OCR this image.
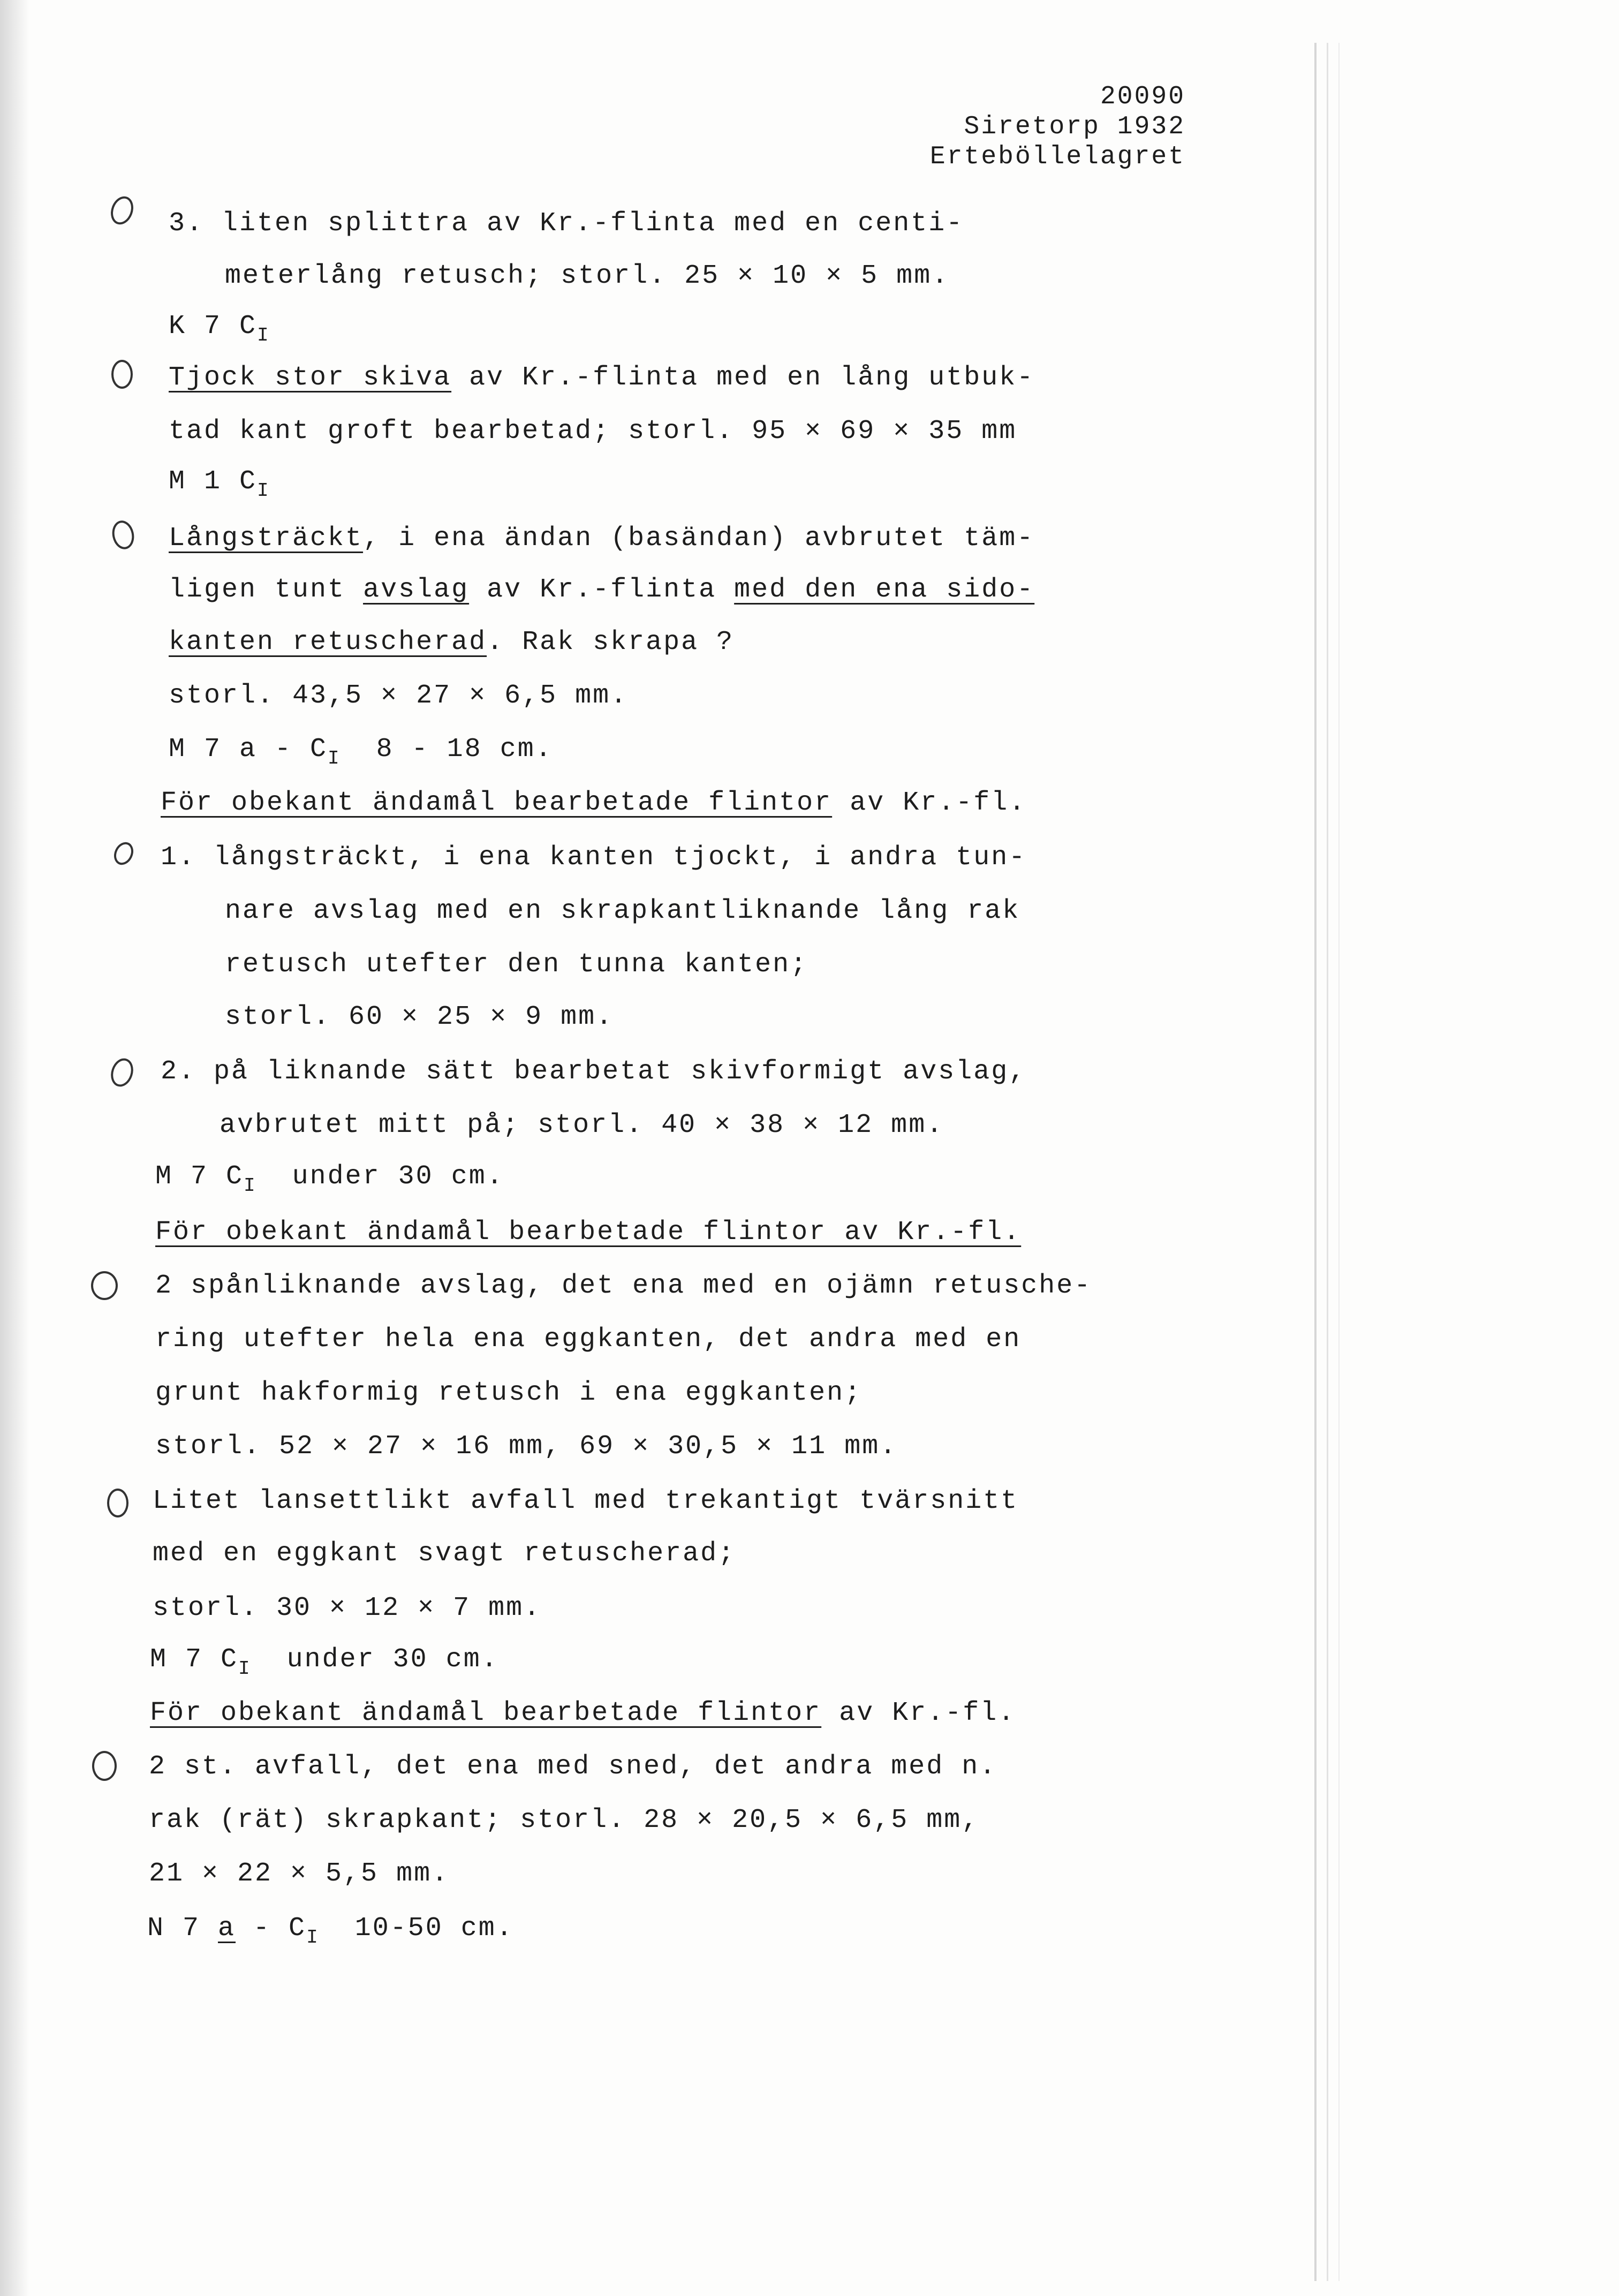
20090
Siretorp 1932
Erteböllelagret
3. liten splittra av Kr.-flinta med en centi-
meterlång retusch; storl. 25 × 10 × 5 mm.
K 7 $C_I$
Tjock stor skiva av Kr.-flinta med en lång utbuk-
tad kant groft bearbetad; storl. 95 × 69 × 35 mm
M 1 $C_I$
Långsträckt, i ena ändan (basändan) avbrutet täm-
ligen tunt avslag av Kr.-flinta med den ena sido-
kanten retuscherad. Rak skrapa ?
storl. 43,5 × 27 × 6,5 mm.
M 7 a - $C_I$  8 - 18 cm.
För obekant ändamål bearbetade flintor av Kr.-fl.
1. långsträckt, i ena kanten tjockt, i andra tun-
nare avslag med en skrapkantliknande lång rak
retusch utefter den tunna kanten;
storl. 60 × 25 × 9 mm.
2. på liknande sätt bearbetat skivformigt avslag,
avbrutet mitt på; storl. 40 × 38 × 12 mm.
M 7 $C_I$  under 30 cm.
För obekant ändamål bearbetade flintor av Kr.-fl.
2 spånliknande avslag, det ena med en ojämn retusche-
ring utefter hela ena eggkanten, det andra med en
grunt hakformig retusch i ena eggkanten;
storl. 52 × 27 × 16 mm, 69 × 30,5 × 11 mm.
Litet lansettlikt avfall med trekantigt tvärsnitt
med en eggkant svagt retuscherad;
storl. 30 × 12 × 7 mm.
M 7 $C_I$  under 30 cm.
För obekant ändamål bearbetade flintor av Kr.-fl.
2 st. avfall, det ena med sned, det andra med n.
rak (rät) skrapkant; storl. 28 × 20,5 × 6,5 mm,
21 × 22 × 5,5 mm.
N 7 a - $C_I$  10-50 cm.
